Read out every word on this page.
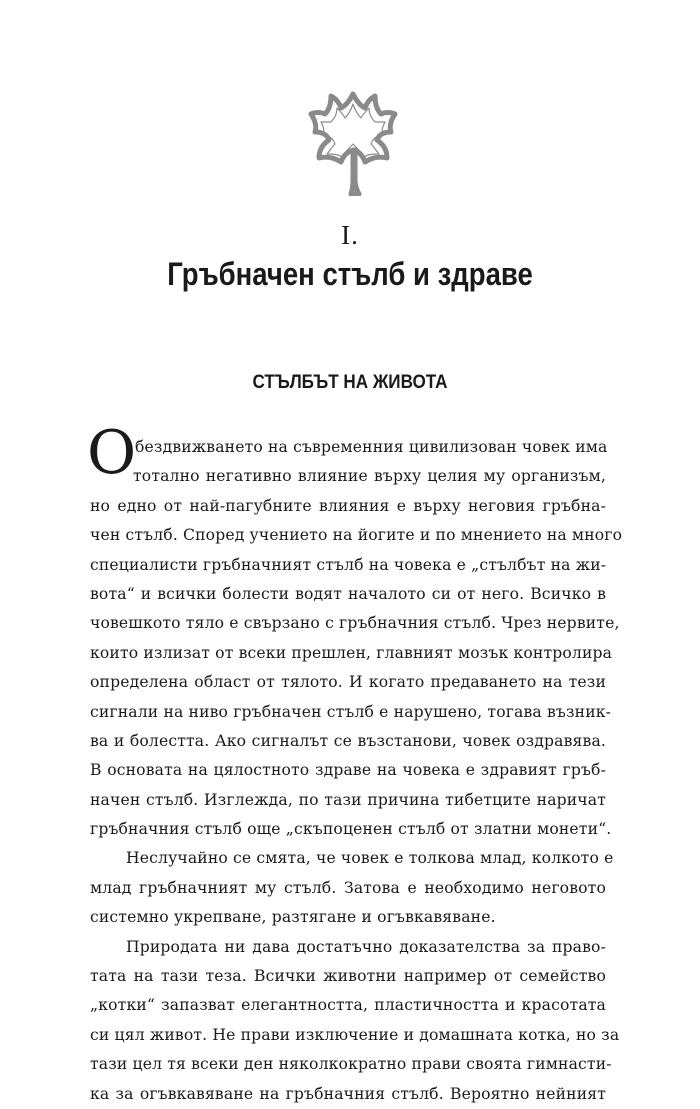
I.
Гръбначен стълб и здраве
СТЪЛБЪТ НА ЖИВОТА
О
бездвижването на съвременния цивилизован човек има
тотално негативно влияние върху целия му организъм,
но едно от най-пагубните влияния е върху неговия гръбна-
чен стълб. Според учението на йогите и по мнението на много
специалисти гръбначният стълб на човека е „стълбът на жи-
вота“ и всички болести водят началото си от него. Всичко в
човешкото тяло е свързано с гръбначния стълб. Чрез нервите,
които излизат от всеки прешлен, главният мозък контролира
определена област от тялото. И когато предаването на тези
сигнали на ниво гръбначен стълб е нарушено, тогава възник-
ва и болестта. Ако сигналът се възстанови, човек оздравява.
В основата на цялостното здраве на човека е здравият гръб-
начен стълб. Изглежда, по тази причина тибетците наричат
гръбначния стълб още „скъпоценен стълб от златни монети“.
Неслучайно се смята, че човек е толкова млад, колкото е
млад гръбначният му стълб. Затова е необходимо неговото
системно укрепване, разтягане и огъвкавяване.
Природата ни дава достатъчно доказателства за право-
тата на тази теза. Всички животни например от семейство
„котки“ запазват елегантността, пластичността и красотата
си цял живот. Не прави изключение и домашната котка, но за
тази цел тя всеки ден няколкократно прави своята гимнасти-
ка за огъвкавяване на гръбначния стълб. Вероятно нейният
